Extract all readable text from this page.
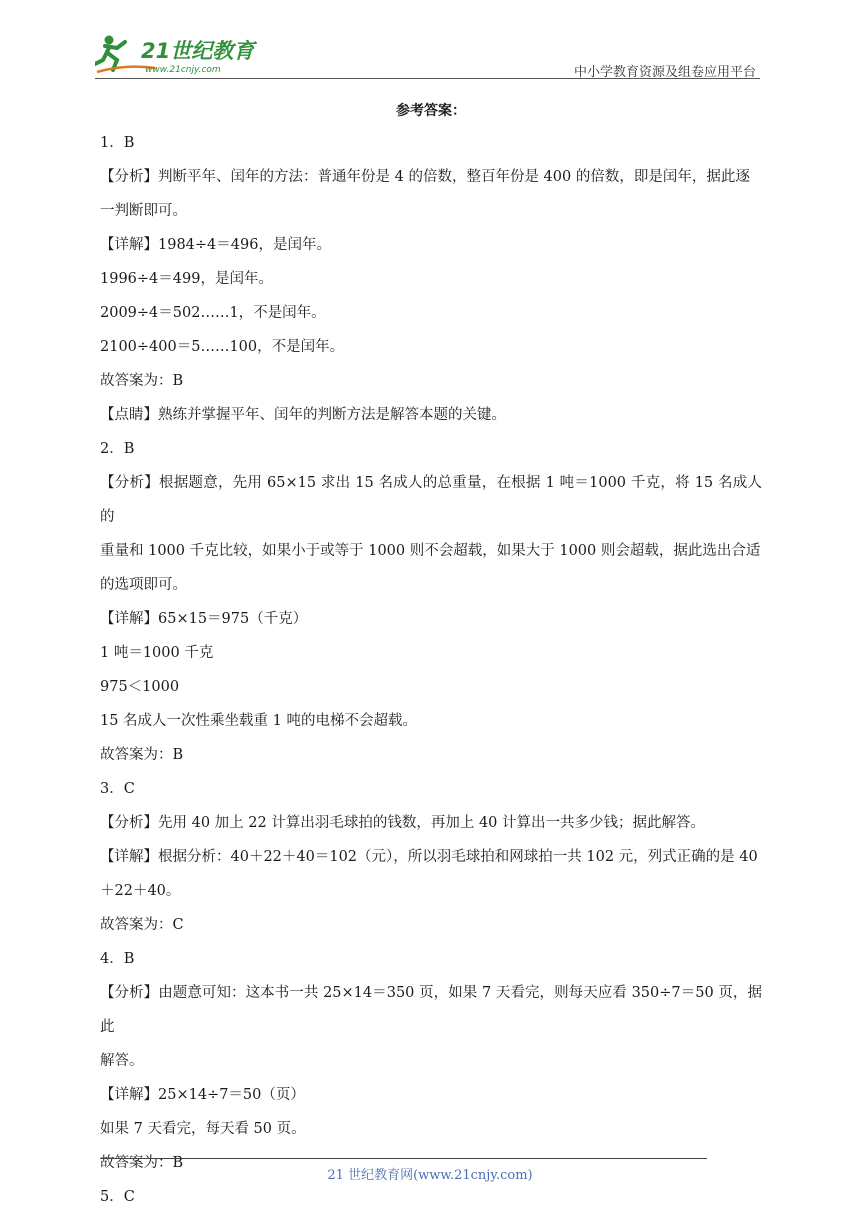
21世纪教育
www.21cnjy.com	中小学教育资源及组卷应用平台

参考答案：

1．B

【分析】判断平年、闰年的方法：普通年份是 4 的倍数，整百年份是 400 的倍数，即是闰年，据此逐

一判断即可。

【详解】1984÷4＝496，是闰年。

1996÷4＝499，是闰年。

2009÷4＝502……1，不是闰年。

2100÷400＝5……100，不是闰年。

故答案为：B

【点睛】熟练并掌握平年、闰年的判断方法是解答本题的关键。

2．B

【分析】根据题意，先用 65×15 求出 15 名成人的总重量，在根据 1 吨＝1000 千克，将 15 名成人的

重量和 1000 千克比较，如果小于或等于 1000 则不会超载，如果大于 1000 则会超载，据此选出合适

的选项即可。

【详解】65×15＝975（千克）

1 吨＝1000 千克

975＜1000

15 名成人一次性乘坐载重 1 吨的电梯不会超载。

故答案为：B

3．C

【分析】先用 40 加上 22 计算出羽毛球拍的钱数，再加上 40 计算出一共多少钱；据此解答。

【详解】根据分析：40＋22＋40＝102（元），所以羽毛球拍和网球拍一共 102 元，列式正确的是 40

＋22＋40。

故答案为：C

4．B

【分析】由题意可知：这本书一共 25×14＝350 页，如果 7 天看完，则每天应看 350÷7＝50 页，据此

解答。

【详解】25×14÷7＝50（页）

如果 7 天看完，每天看 50 页。

故答案为：B

5．C

21 世纪教育网(www.21cnjy.com)
